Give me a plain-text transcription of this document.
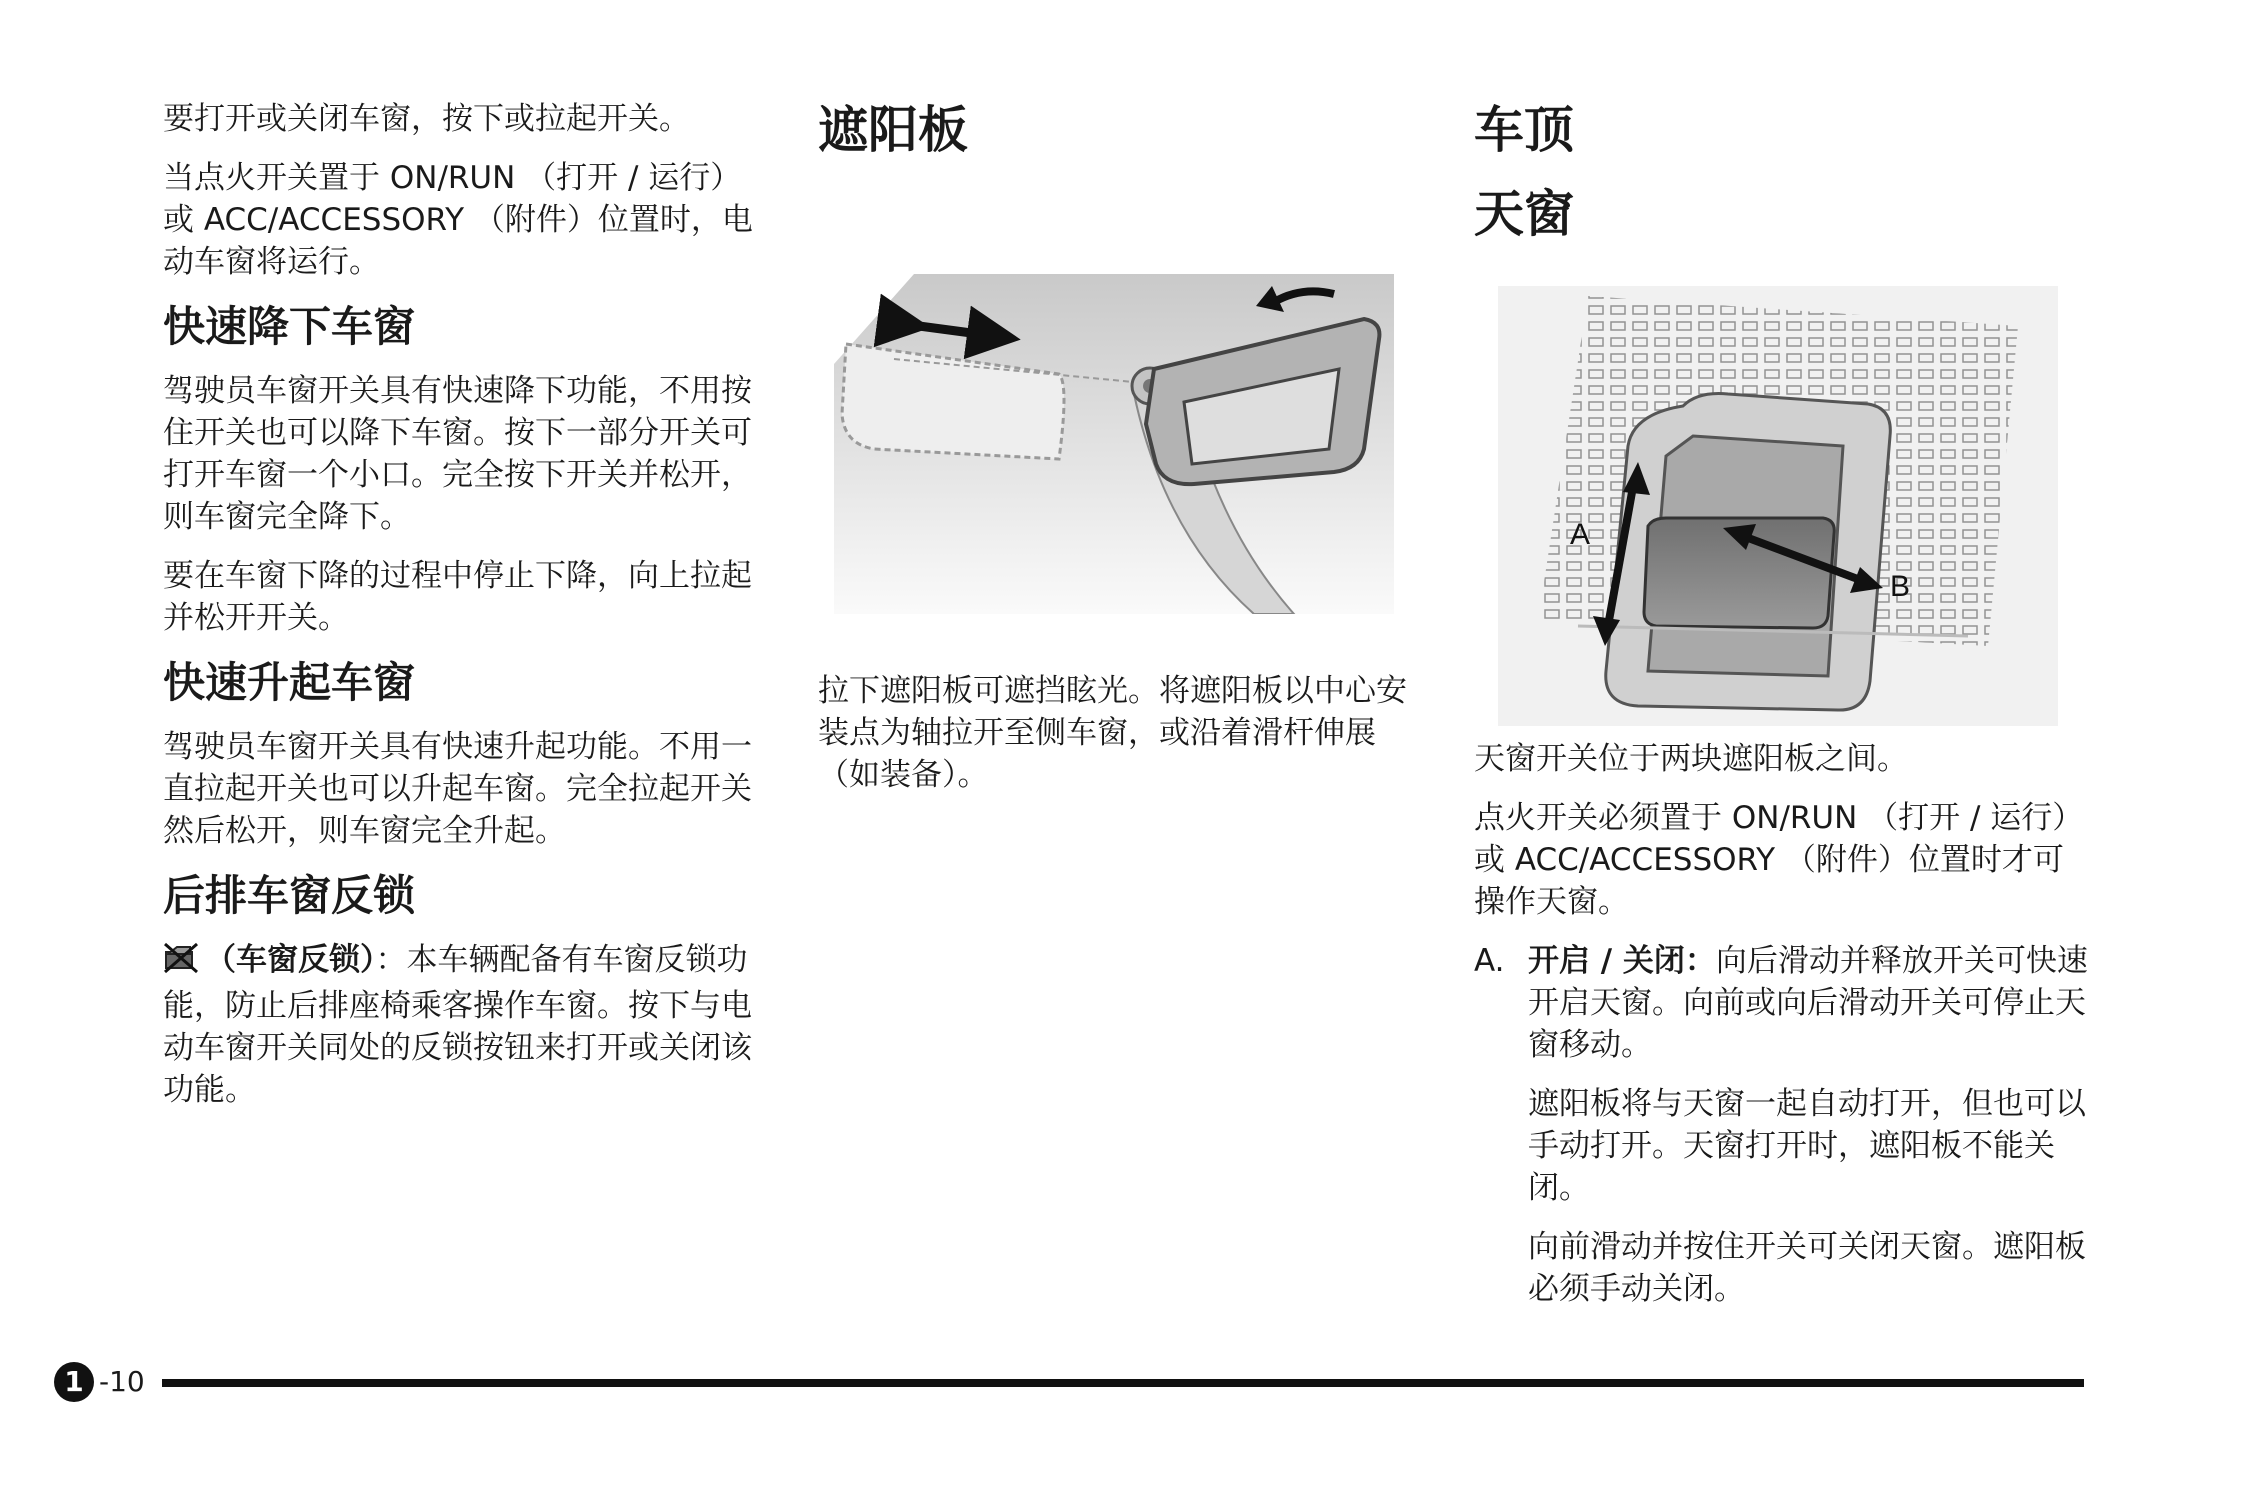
要打开或关闭车窗，按下或拉起开关。

当点火开关置于 ON/RUN （打开 / 运行）或 ACC/ACCESSORY （附件）位置时，电动车窗将运行。

快速降下车窗

驾驶员车窗开关具有快速降下功能，不用按住开关也可以降下车窗。按下一部分开关可打开车窗一个小口。完全按下开关并松开，则车窗完全降下。

要在车窗下降的过程中停止下降，向上拉起并松开开关。

快速升起车窗

驾驶员车窗开关具有快速升起功能。不用一直拉起开关也可以升起车窗。完全拉起开关然后松开，则车窗完全升起。

后排车窗反锁

（车窗反锁）：本车辆配备有车窗反锁功能，防止后排座椅乘客操作车窗。按下与电动车窗开关同处的反锁按钮来打开或关闭该功能。

遮阳板

拉下遮阳板可遮挡眩光。将遮阳板以中心安装点为轴拉开至侧车窗，或沿着滑杆伸展 （如装备）。

车顶
天窗
A
B

天窗开关位于两块遮阳板之间。

点火开关必须置于 ON/RUN （打开 / 运行）或 ACC/ACCESSORY （附件）位置时才可操作天窗。

A. 开启 / 关闭：向后滑动并释放开关可快速开启天窗。向前或向后滑动开关可停止天窗移动。

遮阳板将与天窗一起自动打开，但也可以手动打开。天窗打开时，遮阳板不能关闭。

向前滑动并按住开关可关闭天窗。遮阳板必须手动关闭。

1 -10
